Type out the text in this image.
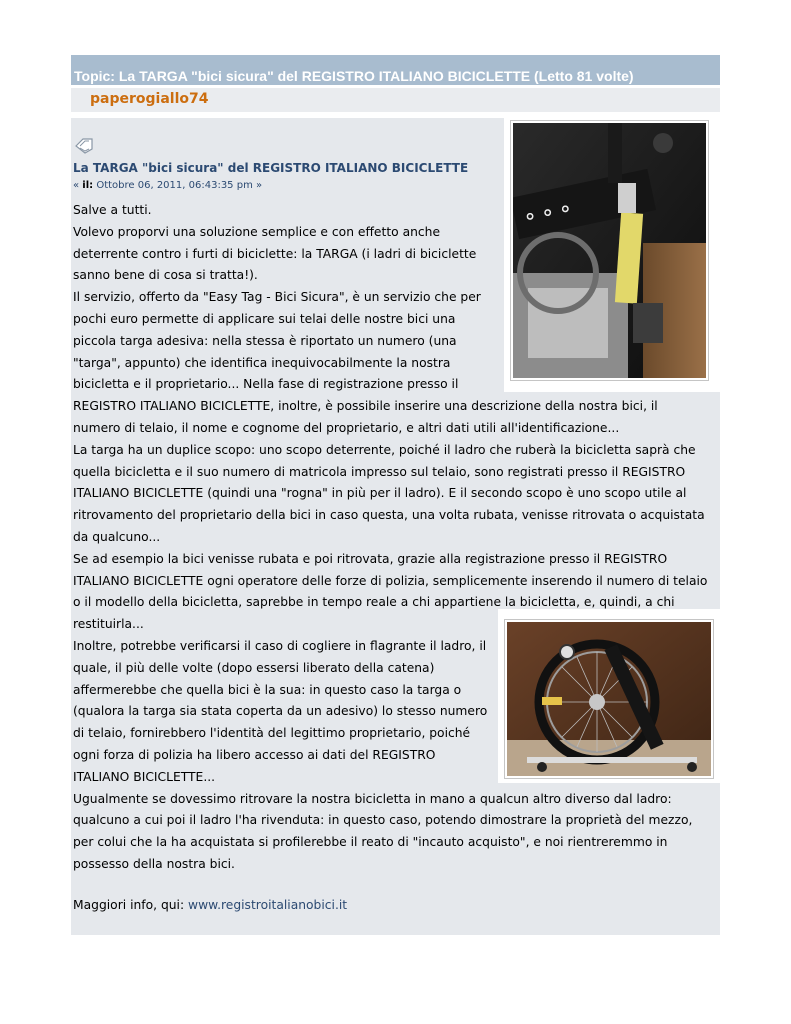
Topic: La TARGA "bici sicura" del REGISTRO ITALIANO BICICLETTE (Letto 81 volte)
paperogiallo74
La TARGA "bici sicura" del REGISTRO ITALIANO BICICLETTE
« il: Ottobre 06, 2011, 06:43:35 pm »
Salve a tutti.
Volevo proporvi una soluzione semplice e con effetto anche
deterrente contro i furti di biciclette: la TARGA (i ladri di biciclette
sanno bene di cosa si tratta!).
Il servizio, offerto da "Easy Tag - Bici Sicura", è un servizio che per
pochi euro permette di applicare sui telai delle nostre bici una
piccola targa adesiva: nella stessa è riportato un numero (una
"targa", appunto) che identifica inequivocabilmente la nostra
bicicletta e il proprietario... Nella fase di registrazione presso il
REGISTRO ITALIANO BICICLETTE, inoltre, è possibile inserire una descrizione della nostra bici, il
numero di telaio, il nome e cognome del proprietario, e altri dati utili all'identificazione...
La targa ha un duplice scopo: uno scopo deterrente, poiché il ladro che ruberà la bicicletta saprà che
quella bicicletta e il suo numero di matricola impresso sul telaio, sono registrati presso il REGISTRO
ITALIANO BICICLETTE (quindi una "rogna" in più per il ladro). E il secondo scopo è uno scopo utile al
ritrovamento del proprietario della bici in caso questa, una volta rubata, venisse ritrovata o acquistata
da qualcuno...
Se ad esempio la bici venisse rubata e poi ritrovata, grazie alla registrazione presso il REGISTRO
ITALIANO BICICLETTE ogni operatore delle forze di polizia, semplicemente inserendo il numero di telaio
o il modello della bicicletta, saprebbe in tempo reale a chi appartiene la bicicletta, e, quindi, a chi
restituirla...
Inoltre, potrebbe verificarsi il caso di cogliere in flagrante il ladro, il
quale, il più delle volte (dopo essersi liberato della catena)
affermerebbe che quella bici è la sua: in questo caso la targa o
(qualora la targa sia stata coperta da un adesivo) lo stesso numero
di telaio, fornirebbero l'identità del legittimo proprietario, poiché
ogni forza di polizia ha libero accesso ai dati del REGISTRO
ITALIANO BICICLETTE...
Ugualmente se dovessimo ritrovare la nostra bicicletta in mano a qualcun altro diverso dal ladro:
qualcuno a cui poi il ladro l'ha rivenduta: in questo caso, potendo dimostrare la proprietà del mezzo,
per colui che la ha acquistata si profilerebbe il reato di "incauto acquisto", e noi rientreremmo in
possesso della nostra bici.
Maggiori info, qui: www.registroitalianobici.it
° ° °
